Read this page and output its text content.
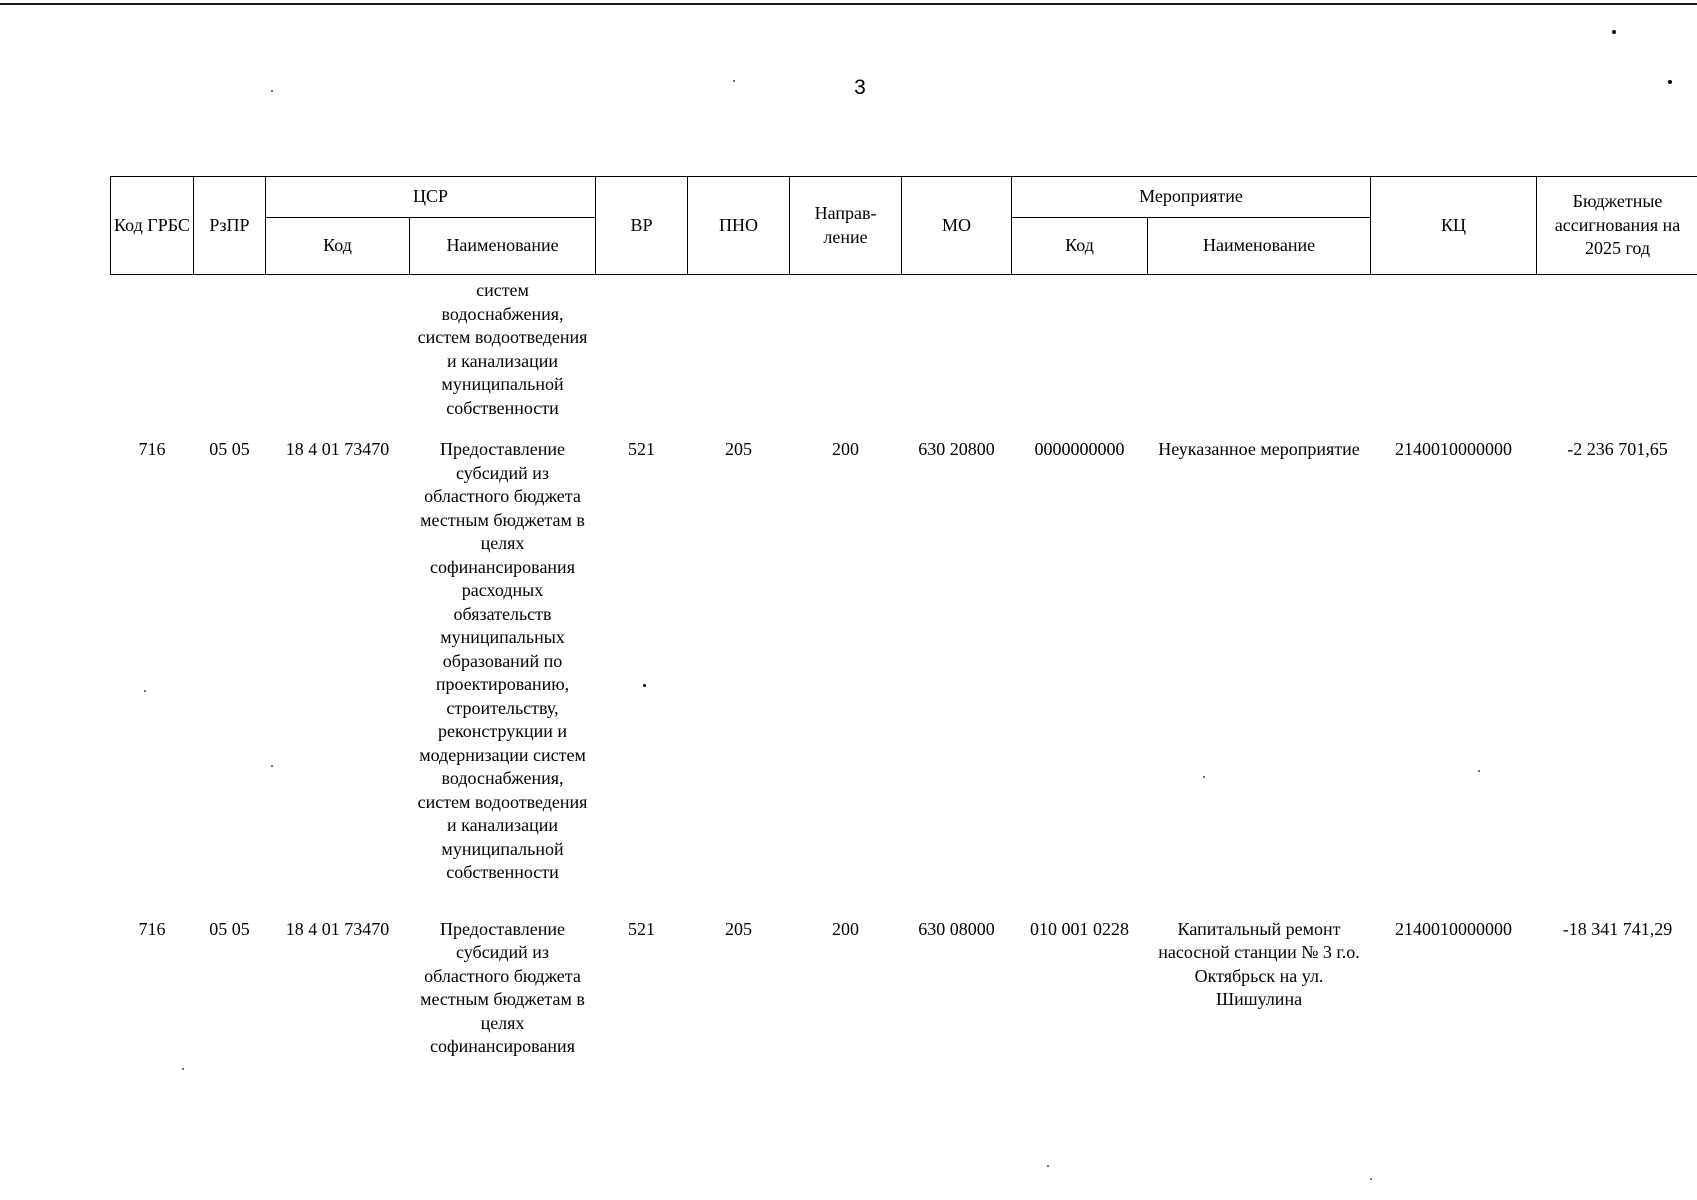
3
Код ГРБС	РзПР	ЦСР		ВР	ПНО	Направ-ление	МО	Мероприятие		КЦ	Бюджетные ассигнования на 2025 год
		Код	Наименование					Код	Наименование		
			систем водоснабжения, систем водоотведения и канализации муниципальной собственности								
716	05 05	18 4 01 73470	Предоставление субсидий из областного бюджета местным бюджетам в целях софинансирования расходных обязательств муниципальных образований по проектированию, строительству, реконструкции и модернизации систем водоснабжения, систем водоотведения и канализации муниципальной собственности	521	205	200	630 20800	0000000000	Неуказанное мероприятие	2140010000000	-2 236 701,65
716	05 05	18 4 01 73470	Предоставление субсидий из областного бюджета местным бюджетам в целях софинансирования	521	205	200	630 08000	010 001 0228	Капитальный ремонт насосной станции № 3 г.о. Октябрьск на ул. Шишулина	2140010000000	-18 341 741,29
